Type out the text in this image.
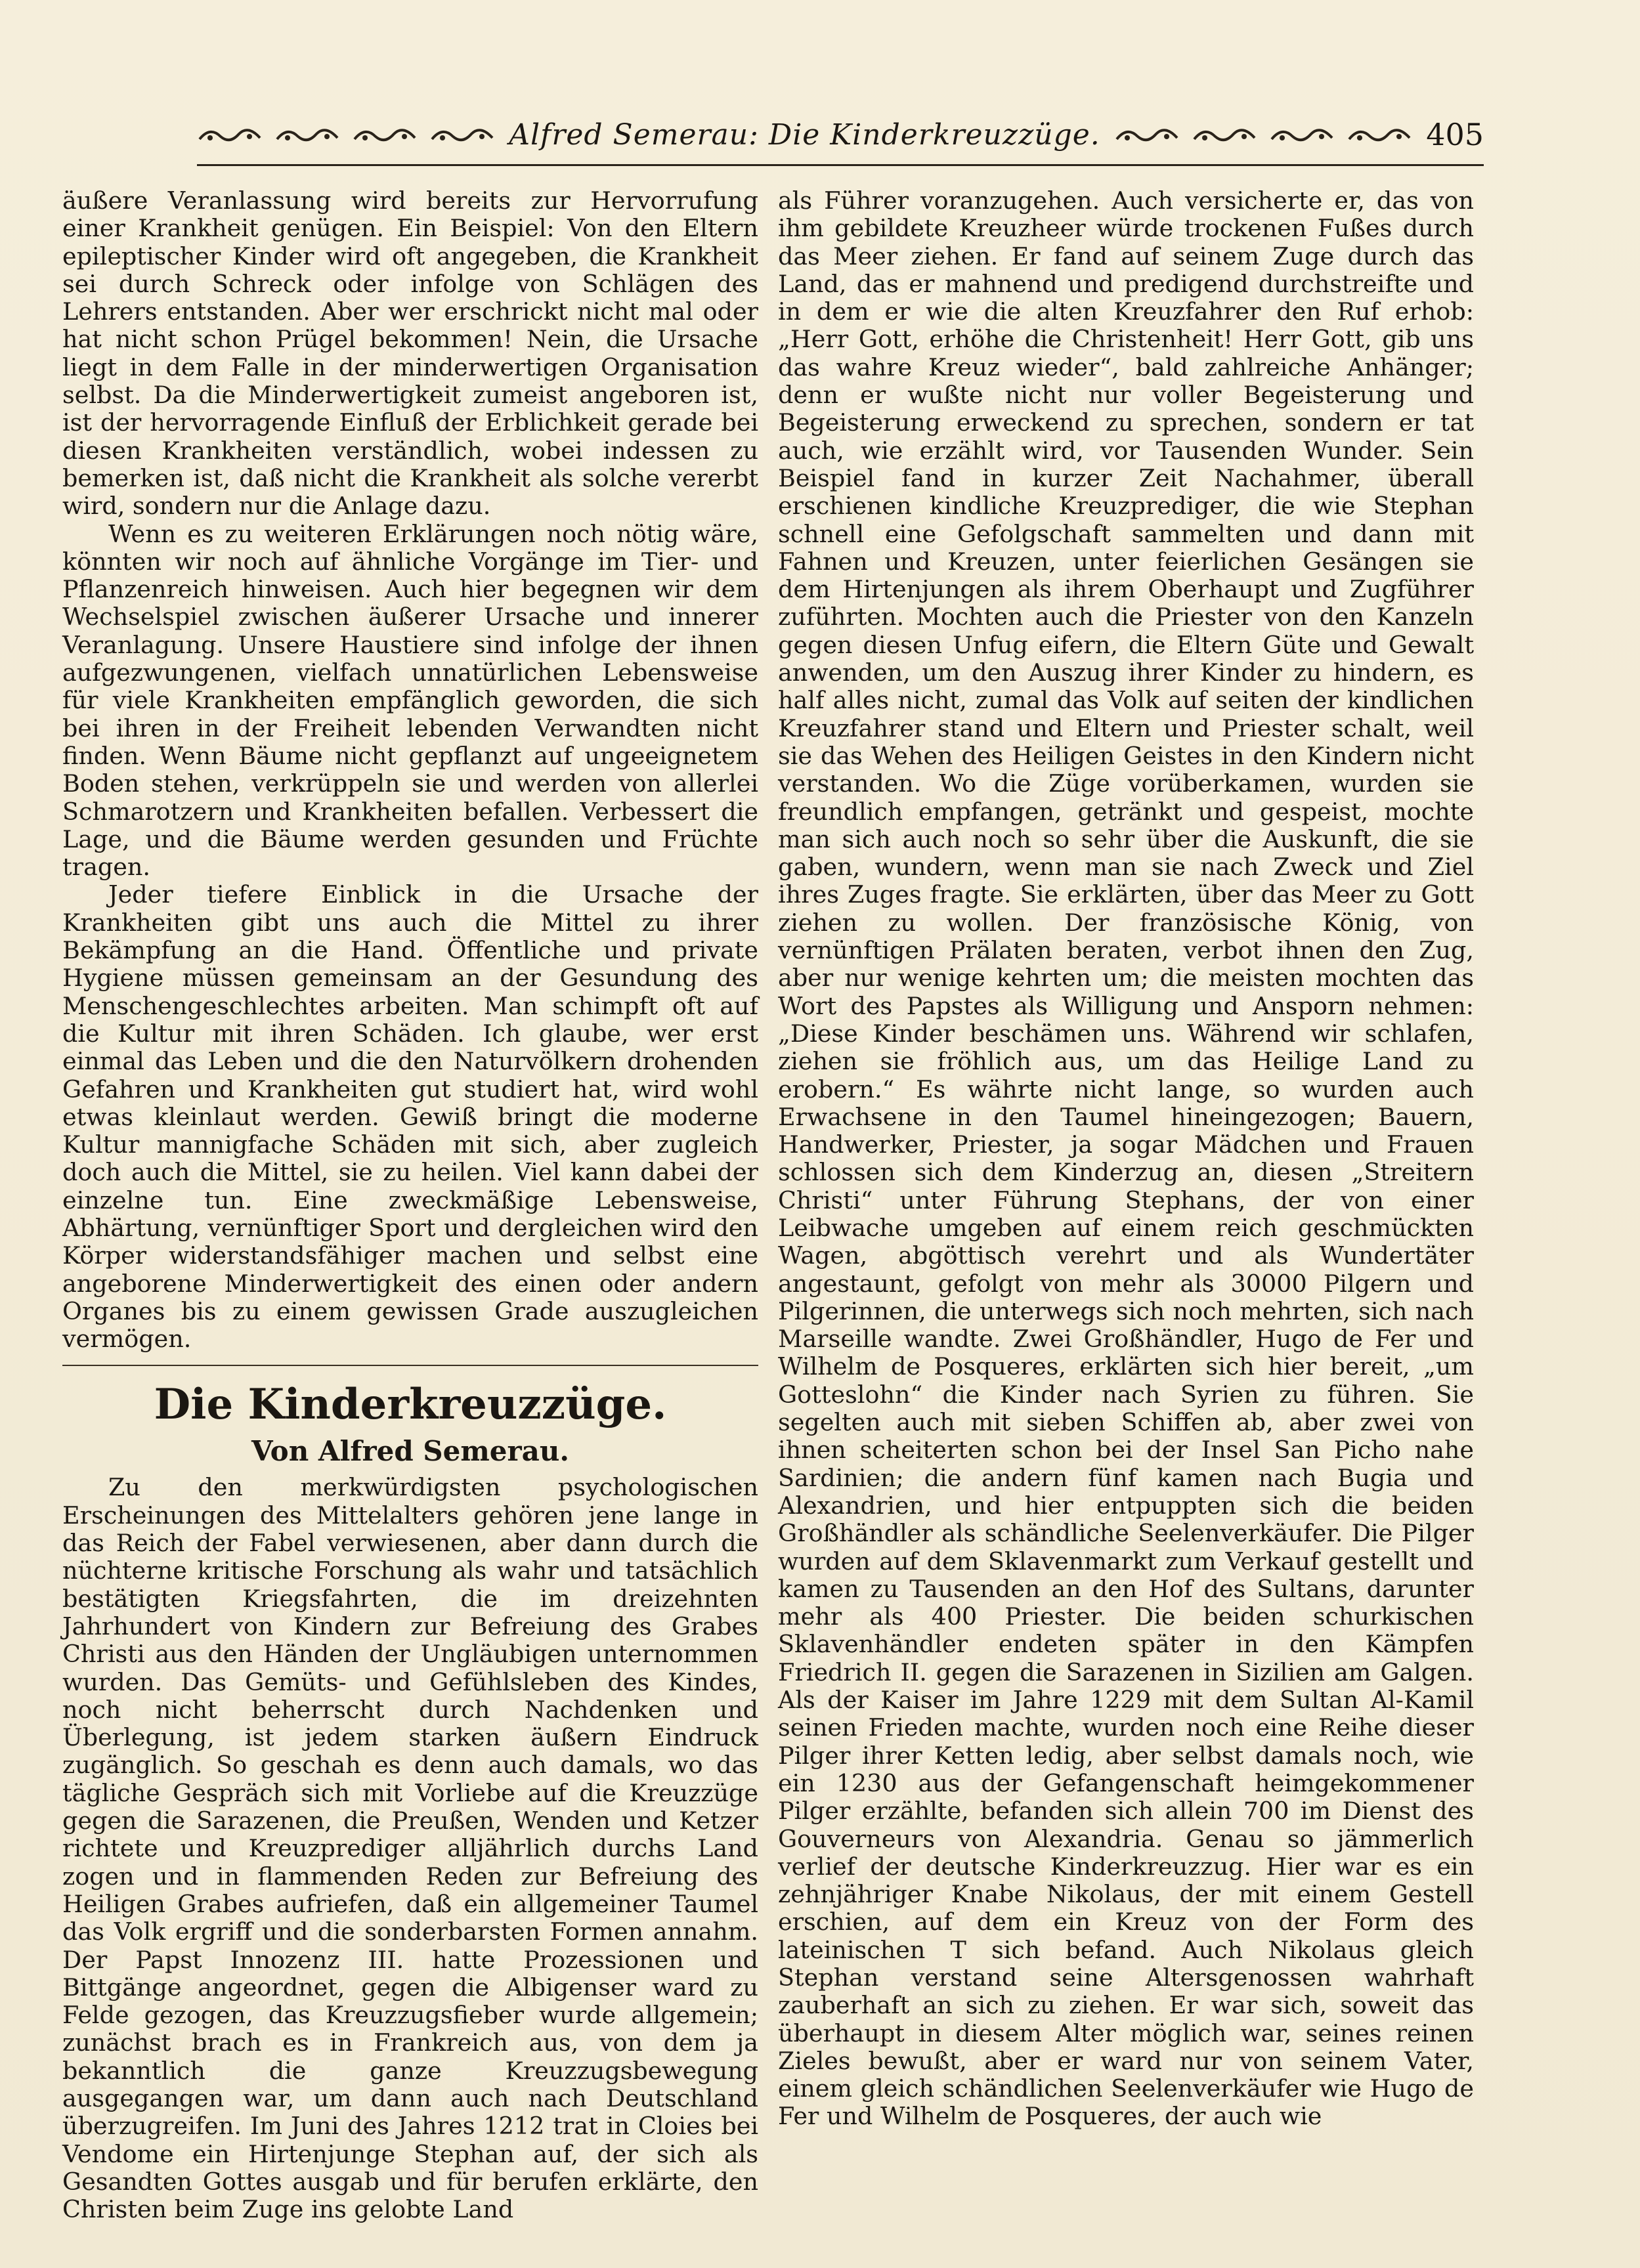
Alfred Semerau: Die Kinderkreuzzüge.	405

äußere Veranlassung wird bereits zur Hervorrufung einer Krankheit genügen. Ein Beispiel: Von den Eltern epileptischer Kinder wird oft angegeben, die Krankheit sei durch Schreck oder infolge von Schlägen des Lehrers entstanden. Aber wer erschrickt nicht mal oder hat nicht schon Prügel bekommen! Nein, die Ursache liegt in dem Falle in der minderwertigen Organisation selbst. Da die Minderwertigkeit zumeist angeboren ist, ist der hervorragende Einfluß der Erblichkeit gerade bei diesen Krankheiten verständlich, wobei indessen zu bemerken ist, daß nicht die Krankheit als solche vererbt wird, sondern nur die Anlage dazu.

Wenn es zu weiteren Erklärungen noch nötig wäre, könnten wir noch auf ähnliche Vorgänge im Tier- und Pflanzenreich hinweisen. Auch hier begegnen wir dem Wechselspiel zwischen äußerer Ursache und innerer Veranlagung. Unsere Haustiere sind infolge der ihnen aufgezwungenen, vielfach unnatürlichen Lebensweise für viele Krankheiten empfänglich geworden, die sich bei ihren in der Freiheit lebenden Verwandten nicht finden. Wenn Bäume nicht gepflanzt auf ungeeignetem Boden stehen, verkrüppeln sie und werden von allerlei Schmarotzern und Krankheiten befallen. Verbessert die Lage, und die Bäume werden gesunden und Früchte tragen.

Jeder tiefere Einblick in die Ursache der Krankheiten gibt uns auch die Mittel zu ihrer Bekämpfung an die Hand. Öffentliche und private Hygiene müssen gemeinsam an der Gesundung des Menschengeschlechtes arbeiten. Man schimpft oft auf die Kultur mit ihren Schäden. Ich glaube, wer erst einmal das Leben und die den Naturvölkern drohenden Gefahren und Krankheiten gut studiert hat, wird wohl etwas kleinlaut werden. Gewiß bringt die moderne Kultur mannigfache Schäden mit sich, aber zugleich doch auch die Mittel, sie zu heilen. Viel kann dabei der einzelne tun. Eine zweckmäßige Lebensweise, Abhärtung, vernünftiger Sport und dergleichen wird den Körper widerstandsfähiger machen und selbst eine angeborene Minderwertigkeit des einen oder andern Organes bis zu einem gewissen Grade auszugleichen vermögen.

Die Kinderkreuzzüge.
Von Alfred Semerau.

Zu den merkwürdigsten psychologischen Erscheinungen des Mittelalters gehören jene lange in das Reich der Fabel verwiesenen, aber dann durch die nüchterne kritische Forschung als wahr und tatsächlich bestätigten Kriegsfahrten, die im dreizehnten Jahrhundert von Kindern zur Befreiung des Grabes Christi aus den Händen der Ungläubigen unternommen wurden. Das Gemüts- und Gefühlsleben des Kindes, noch nicht beherrscht durch Nachdenken und Überlegung, ist jedem starken äußern Eindruck zugänglich. So geschah es denn auch damals, wo das tägliche Gespräch sich mit Vorliebe auf die Kreuzzüge gegen die Sarazenen, die Preußen, Wenden und Ketzer richtete und Kreuzprediger alljährlich durchs Land zogen und in flammenden Reden zur Befreiung des Heiligen Grabes aufriefen, daß ein allgemeiner Taumel das Volk ergriff und die sonderbarsten Formen annahm. Der Papst Innozenz III. hatte Prozessionen und Bittgänge angeordnet, gegen die Albigenser ward zu Felde gezogen, das Kreuzzugsfieber wurde allgemein; zunächst brach es in Frankreich aus, von dem ja bekanntlich die ganze Kreuzzugsbewegung ausgegangen war, um dann auch nach Deutschland überzugreifen. Im Juni des Jahres 1212 trat in Cloies bei Vendome ein Hirtenjunge Stephan auf, der sich als Gesandten Gottes ausgab und für berufen erklärte, den Christen beim Zuge ins gelobte Land

als Führer voranzugehen. Auch versicherte er, das von ihm gebildete Kreuzheer würde trockenen Fußes durch das Meer ziehen. Er fand auf seinem Zuge durch das Land, das er mahnend und predigend durchstreifte und in dem er wie die alten Kreuzfahrer den Ruf erhob: „Herr Gott, erhöhe die Christenheit! Herr Gott, gib uns das wahre Kreuz wieder“, bald zahlreiche Anhänger; denn er wußte nicht nur voller Begeisterung und Begeisterung erweckend zu sprechen, sondern er tat auch, wie erzählt wird, vor Tausenden Wunder. Sein Beispiel fand in kurzer Zeit Nachahmer, überall erschienen kindliche Kreuzprediger, die wie Stephan schnell eine Gefolgschaft sammelten und dann mit Fahnen und Kreuzen, unter feierlichen Gesängen sie dem Hirtenjungen als ihrem Oberhaupt und Zugführer zuführten. Mochten auch die Priester von den Kanzeln gegen diesen Unfug eifern, die Eltern Güte und Gewalt anwenden, um den Auszug ihrer Kinder zu hindern, es half alles nicht, zumal das Volk auf seiten der kindlichen Kreuzfahrer stand und Eltern und Priester schalt, weil sie das Wehen des Heiligen Geistes in den Kindern nicht verstanden. Wo die Züge vorüberkamen, wurden sie freundlich empfangen, getränkt und gespeist, mochte man sich auch noch so sehr über die Auskunft, die sie gaben, wundern, wenn man sie nach Zweck und Ziel ihres Zuges fragte. Sie erklärten, über das Meer zu Gott ziehen zu wollen. Der französische König, von vernünftigen Prälaten beraten, verbot ihnen den Zug, aber nur wenige kehrten um; die meisten mochten das Wort des Papstes als Willigung und Ansporn nehmen: „Diese Kinder beschämen uns. Während wir schlafen, ziehen sie fröhlich aus, um das Heilige Land zu erobern.“ Es währte nicht lange, so wurden auch Erwachsene in den Taumel hineingezogen; Bauern, Handwerker, Priester, ja sogar Mädchen und Frauen schlossen sich dem Kinderzug an, diesen „Streitern Christi“ unter Führung Stephans, der von einer Leibwache umgeben auf einem reich geschmückten Wagen, abgöttisch verehrt und als Wundertäter angestaunt, gefolgt von mehr als 30000 Pilgern und Pilgerinnen, die unterwegs sich noch mehrten, sich nach Marseille wandte. Zwei Großhändler, Hugo de Fer und Wilhelm de Posqueres, erklärten sich hier bereit, „um Gotteslohn“ die Kinder nach Syrien zu führen. Sie segelten auch mit sieben Schiffen ab, aber zwei von ihnen scheiterten schon bei der Insel San Picho nahe Sardinien; die andern fünf kamen nach Bugia und Alexandrien, und hier entpuppten sich die beiden Großhändler als schändliche Seelenverkäufer. Die Pilger wurden auf dem Sklavenmarkt zum Verkauf gestellt und kamen zu Tausenden an den Hof des Sultans, darunter mehr als 400 Priester. Die beiden schurkischen Sklavenhändler endeten später in den Kämpfen Friedrich II. gegen die Sarazenen in Sizilien am Galgen. Als der Kaiser im Jahre 1229 mit dem Sultan Al-Kamil seinen Frieden machte, wurden noch eine Reihe dieser Pilger ihrer Ketten ledig, aber selbst damals noch, wie ein 1230 aus der Gefangenschaft heimgekommener Pilger erzählte, befanden sich allein 700 im Dienst des Gouverneurs von Alexandria. Genau so jämmerlich verlief der deutsche Kinderkreuzzug. Hier war es ein zehnjähriger Knabe Nikolaus, der mit einem Gestell erschien, auf dem ein Kreuz von der Form des lateinischen T sich befand. Auch Nikolaus gleich Stephan verstand seine Altersgenossen wahrhaft zauberhaft an sich zu ziehen. Er war sich, soweit das überhaupt in diesem Alter möglich war, seines reinen Zieles bewußt, aber er ward nur von seinem Vater, einem gleich schändlichen Seelenverkäufer wie Hugo de Fer und Wilhelm de Posqueres, der auch wie
